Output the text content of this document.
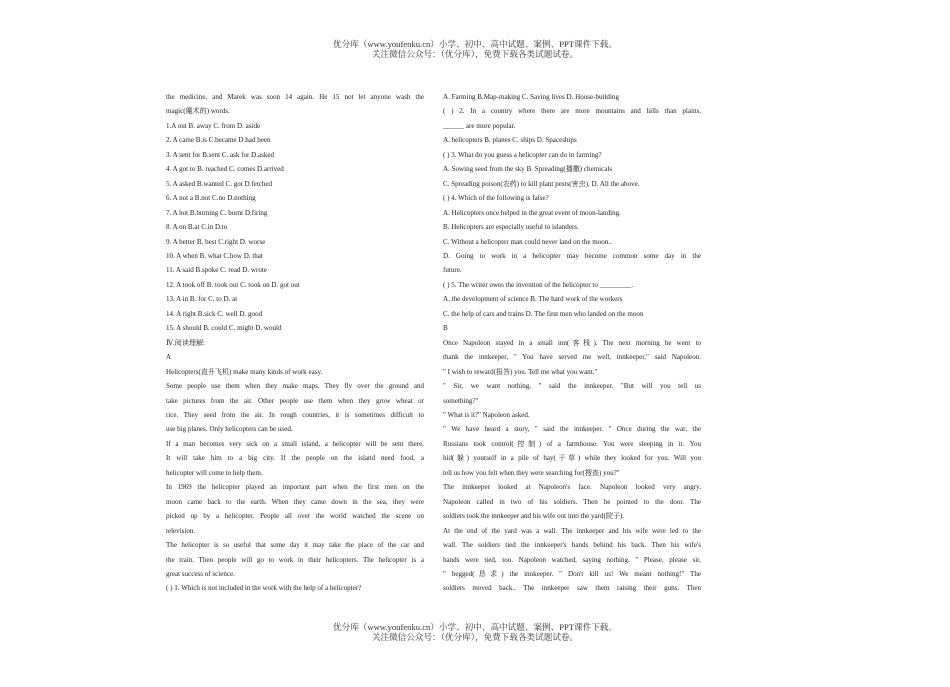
优分库（www.youfenku.cn）小学、初中、高中试题、案例、PPT课件下载。
关注微信公众号：（优分库），免费下载各类试题试卷。
the medicine, and Marek was soon 14 again. He 15 not let anyone wash the
magic(魔术的) words.
1.A out B. away C. from D. aside
2. A came B.is C.became D.had been
3. A sent for B.sent C. ask for D.asked
4. A got to B. reached C. comes D.arrived
5. A asked B.wanted C. got D.fetched
6. A not a B.not C.no D.nothing
7. A hot B.burning C. burnt D.firing
8. A on B.at C.in D.to
9. A better B. best C.right D. worse
10. A when B. what C.how D. that
11. A said B.spoke C. read D. wrote
12. A took off B. took out C. took on D. got out
13. A in B. for C. to D. at
14. A right B.sick C. well D. good
15. A should B. could C. might D. would
Ⅳ.阅读理解:
A
Helicopters(直升飞机) make many kinds of work easy.
Some people use them when they make maps. They fly over the ground and
take pictures from the air. Other people use them when they grow wheat or
rice. They seed from the air. In rough countries, it is sometimes difficult to
use big planes. Only helicopters can be used.
If a man becomes very sick on a small island, a helicopter will be sent there.
It will take him to a big city. If the people on the island need food, a
helicopter will come to help them.
In 1969 the helicopter played an important part when the first men on the
moon came back to the earth. When they came down in the sea, they were
picked up by a helicopter. People all over the world watched the scene on
television.
The helicopter is so useful that some day it may take the place of the car and
the train. Then people will go to work in their helicopters. The helicopter is a
great success of science.
( ) 1. Which is not included in the work with the help of a helicopter?
A. Farming B.Map-making C. Saving lives D. House-building
( ) 2. In a country where there are more mountains and hills than plains,
______ are more popular.
A. helicopters B. planes C. ships D. Spaceships
( ) 3. What do you guess a helicopter can do in farming?
A. Sowing seed from the sky B. Spreading(播撒) chemicals
C. Spreading poison(农药) to kill plant pests(害虫). D. All the above.
( ) 4. Which of the following is false?
A. Helicopters once helped in the great event of moon-landing.
B. Helicopters are especially useful to islanders.
C. Without a helicopter man could never land on the moon..
D. Going to work in a helicopter may become common some day in the
future.
( ) 5. The writer owes the invention of the helicopter to _________.
A. the development of science B. The hard work of the workers
C. the help of cars and trains D. The first men who landed on the moon
B
Once Napoleon stayed in a small inn(客栈). The next morning he went to
thank the innkeeper, " You have served me well, innkeeper," said Napoleon.
" I wish to reward(报答) you. Tell me what you want."
" Sir, we want nothing, " said the innkeeper. "But will you tell us
something?"
" What is it?" Napoleon asked.
" We have heard a story, " said the innkeeper. " Once during the war, the
Russians took control(控制) of a farmhouse. You were sleeping in it. You
hid(躲) yourself in a pile of hay(干草) while they looked for you. Will you
tell us how you felt when they were searching for(搜查) you?"
The innkeeper looked at Napoleon's face. Napoleon looked very angry.
Napoleon called in two of his soldiers. Then he pointed to the door. The
soldiers took the innkeeper and his wife out into the yard(院子).
At the end of the yard was a wall. The innkeeper and his wife were led to the
wall. The soldiers tied the innkeeper's hands behind his back. Then his wife's
hands were tied, too. Napoleon watched, saying nothing. " Please, please sir,
" begged(恳求) the innkeeper. " Don't kill us! We meant nothing!" The
soldiers moved back.. The innkeeper saw them raising their guns. Then
优分库（www.youfenku.cn）小学、初中、高中试题、案例、PPT课件下载。
关注微信公众号：（优分库），免费下载各类试题试卷。
